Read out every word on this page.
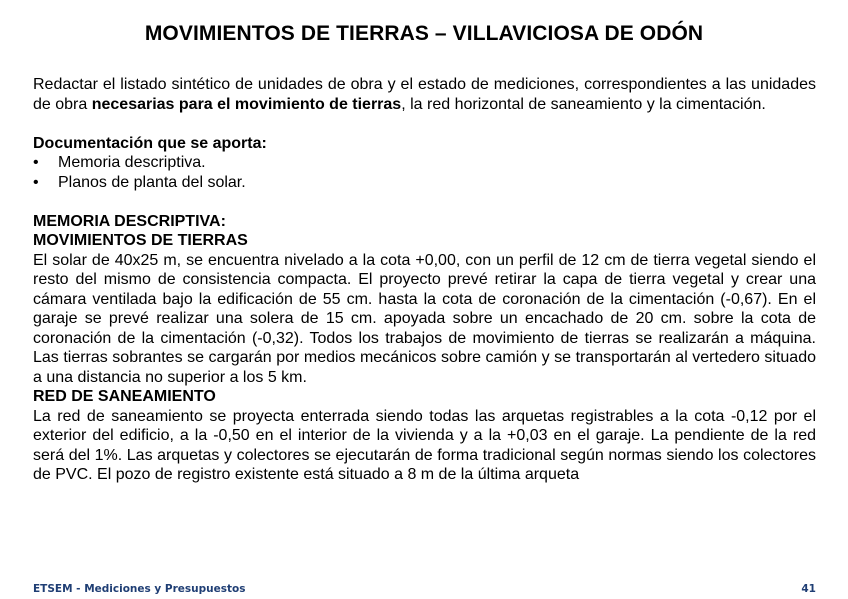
MOVIMIENTOS DE TIERRAS – VILLAVICIOSA DE ODÓN

Redactar el listado sintético de unidades de obra y el estado de mediciones, correspondientes a las unidades de obra necesarias para el movimiento de tierras, la red horizontal de saneamiento y la cimentación.

Documentación que se aporta:

• Memoria descriptiva.
• Planos de planta del solar.

MEMORIA DESCRIPTIVA:

MOVIMIENTOS DE TIERRAS

El solar de 40x25 m, se encuentra nivelado a la cota +0,00, con un perfil de 12 cm de tierra vegetal siendo el resto del mismo de consistencia compacta. El proyecto prevé retirar la capa de tierra vegetal y crear una cámara ventilada bajo la edificación de 55 cm. hasta la cota de coronación de la cimentación (-0,67). En el garaje se prevé realizar una solera de 15 cm. apoyada sobre un encachado de 20 cm. sobre la cota de coronación de la cimentación (-0,32). Todos los trabajos de movimiento de tierras se realizarán a máquina. Las tierras sobrantes se cargarán por medios mecánicos sobre camión y se transportarán al vertedero situado a una distancia no superior a los 5 km.

RED DE SANEAMIENTO

La red de saneamiento se proyecta enterrada siendo todas las arquetas registrables a la cota -0,12 por el exterior del edificio, a la -0,50 en el interior de la vivienda y a la +0,03 en el garaje. La pendiente de la red será del 1%. Las arquetas y colectores se ejecutarán de forma tradicional según normas siendo los colectores de PVC. El pozo de registro existente está situado a 8 m de la última arqueta

ETSEM - Mediciones y Presupuestos	41
